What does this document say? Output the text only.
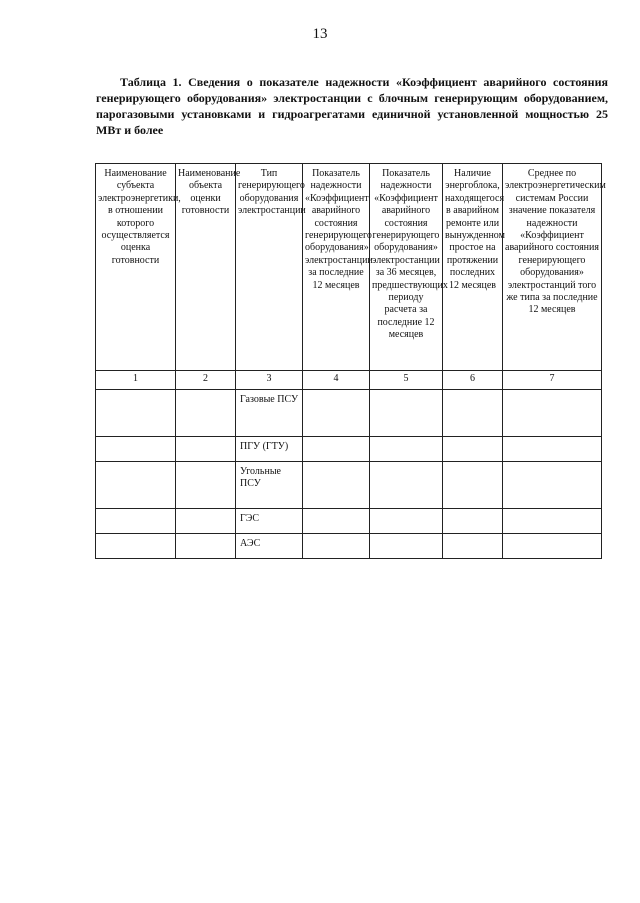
13
Таблица 1. Сведения о показателе надежности «Коэффициент аварийного состояния генерирующего оборудования» электростанции с блочным генерирующим оборудованием, парогазовыми установками и гидроагрегатами единичной установленной мощностью 25 МВт и более
Наименование субъекта электроэнергетики, в отношении которого осуществляется оценка готовности	Наименование объекта оценки готовности	Тип генерирующего оборудования электростанции	Показатель надежности «Коэффициент аварийного состояния генерирующего оборудования» электростанции за последние 12 месяцев	Показатель надежности «Коэффициент аварийного состояния генерирующего оборудования» электростанции за 36 месяцев, предшествующих периоду расчета за последние 12 месяцев	Наличие энергоблока, находящегося в аварийном ремонте или вынужденном простое на протяжении последних 12 месяцев	Среднее по электроэнергетическим системам России значение показателя надежности «Коэффициент аварийного состояния генерирующего оборудования» электростанций того же типа за последние 12 месяцев
1	2	3	4	5	6	7
		Газовые ПСУ				
		ПГУ (ГТУ)				
		Угольные ПСУ				
		ГЭС				
		АЭС				
